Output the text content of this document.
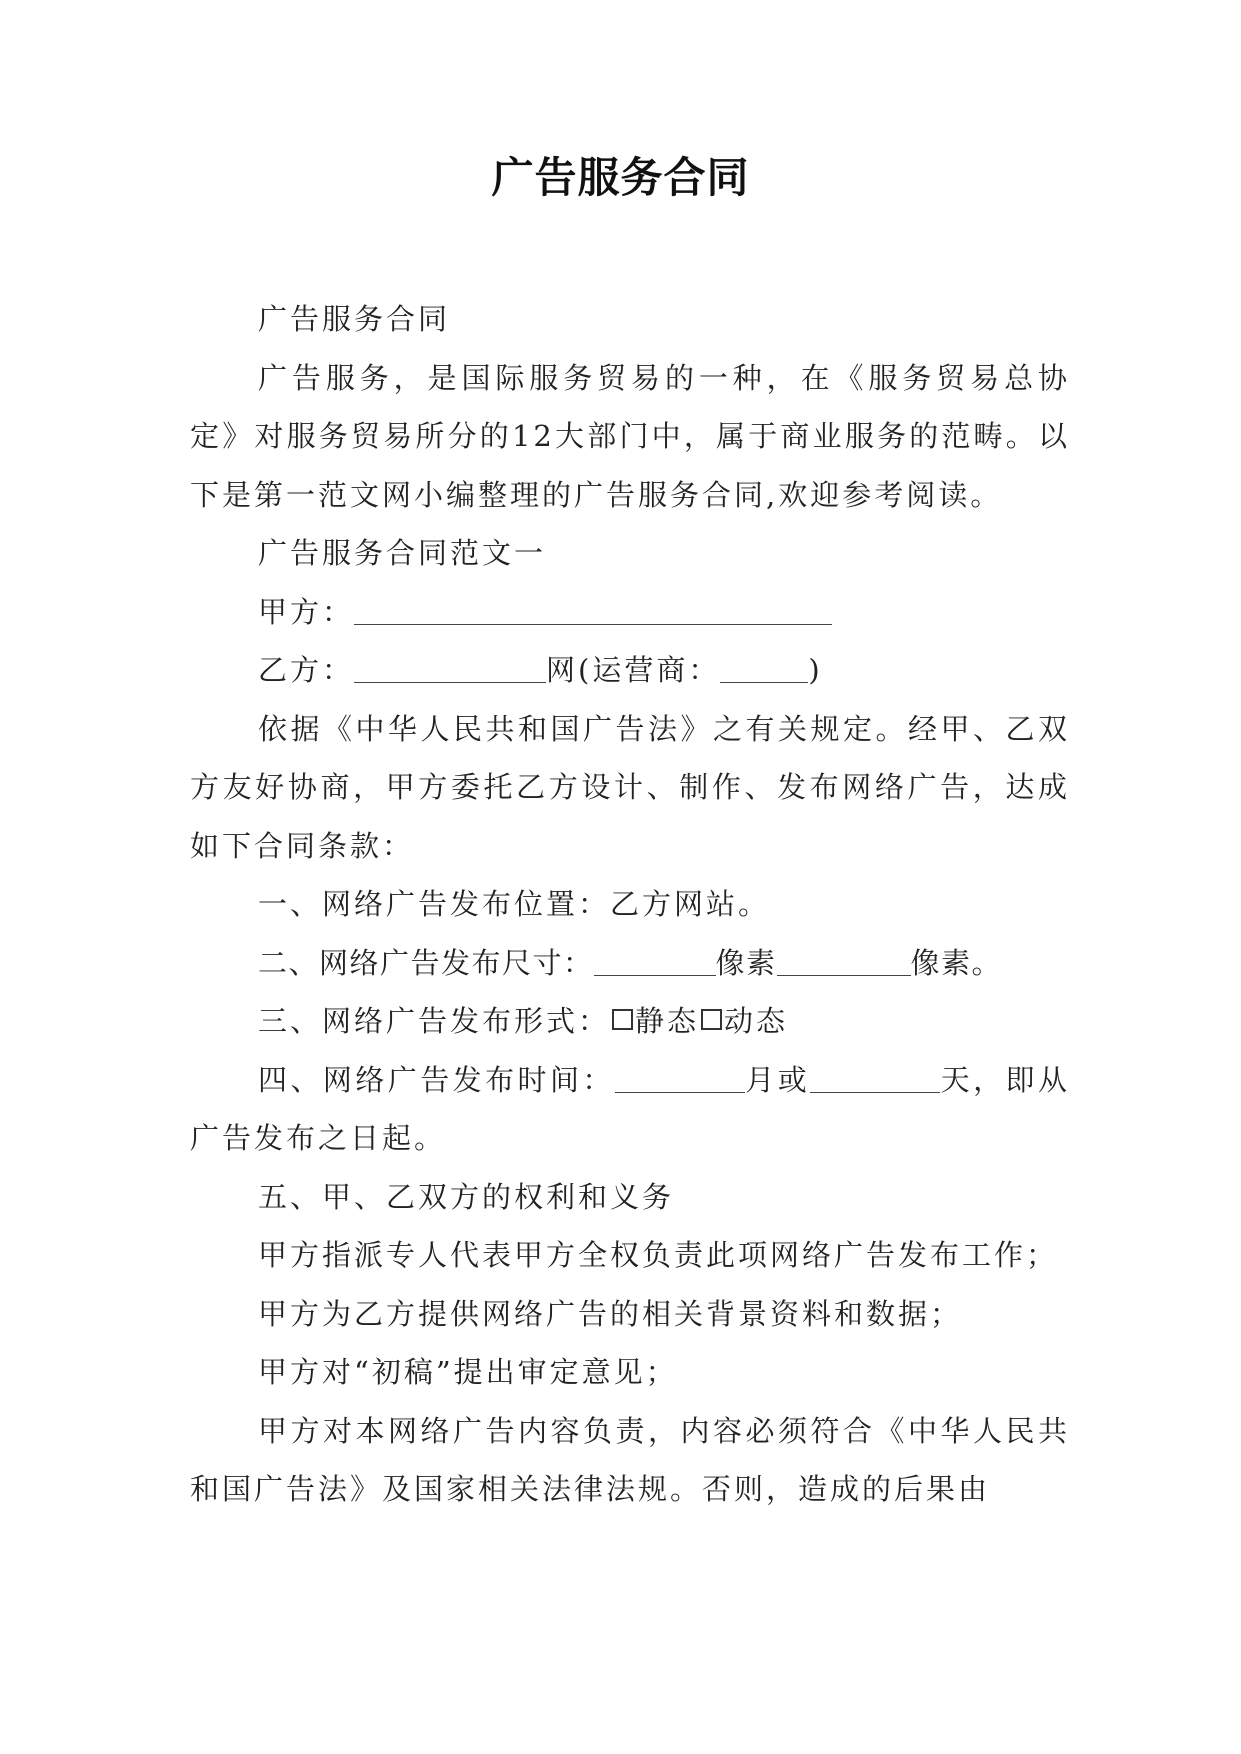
广告服务合同

广告服务合同

广告服务，是国际服务贸易的一种，在《服务贸易总协定》对服务贸易所分的12大部门中，属于商业服务的范畴。以下是第一范文网小编整理的广告服务合同,欢迎参考阅读。

广告服务合同范文一

甲方：

乙方：	网(运营商：	)

依据《中华人民共和国广告法》之有关规定。经甲、乙双方友好协商，甲方委托乙方设计、制作、发布网络广告，达成如下合同条款：

一、网络广告发布位置：乙方网站。

二、网络广告发布尺寸：	像素	像素。

三、网络广告发布形式： 静态 动态

四、网络广告发布时间：	月或	天，即从广告发布之日起。

五、甲、乙双方的权利和义务

甲方指派专人代表甲方全权负责此项网络广告发布工作；

甲方为乙方提供网络广告的相关背景资料和数据；

甲方对“初稿”提出审定意见；

甲方对本网络广告内容负责，内容必须符合《中华人民共和国广告法》及国家相关法律法规。否则，造成的后果由
